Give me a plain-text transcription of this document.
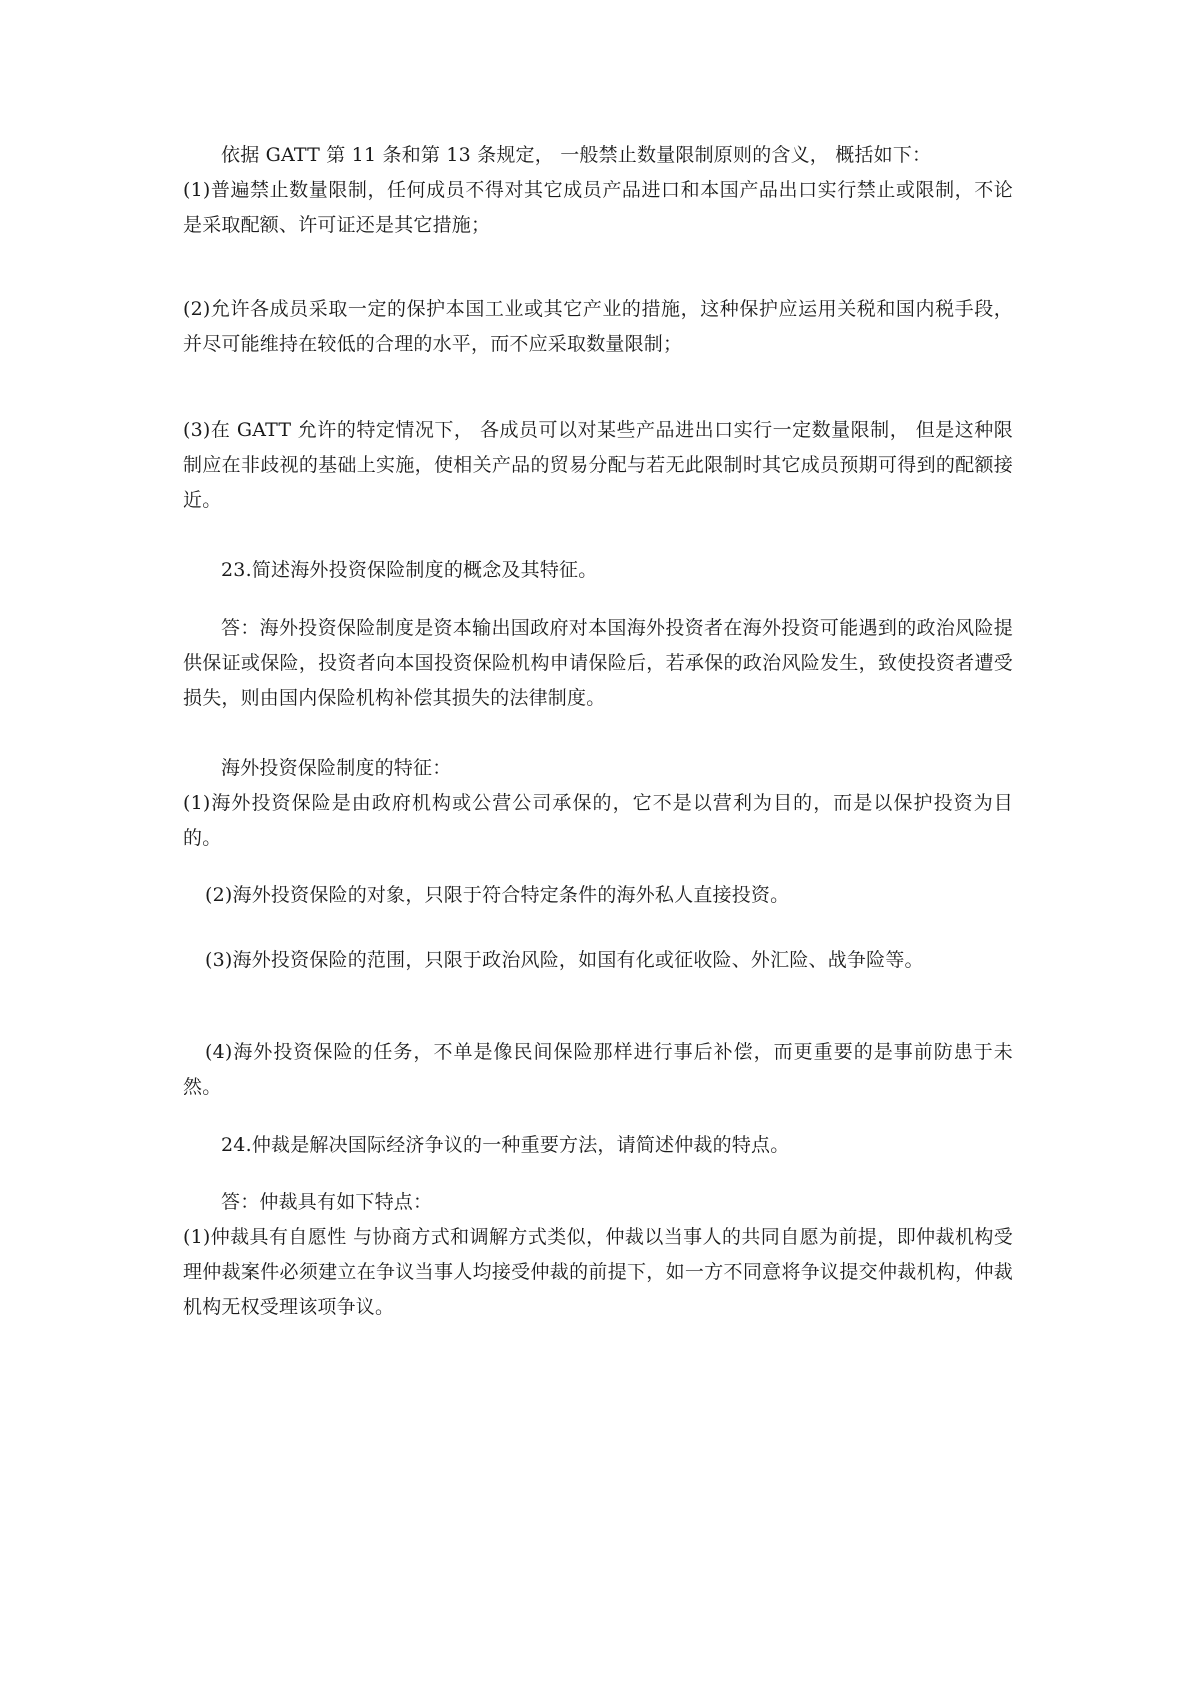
依据 GATT 第 11 条和第 13 条规定， 一般禁止数量限制原则的含义， 概括如下：

(1)普遍禁止数量限制，任何成员不得对其它成员产品进口和本国产品出口实行禁止或限制，不论是采取配额、许可证还是其它措施；

(2)允许各成员采取一定的保护本国工业或其它产业的措施，这种保护应运用关税和国内税手段，并尽可能维持在较低的合理的水平，而不应采取数量限制；

(3)在 GATT 允许的特定情况下， 各成员可以对某些产品进出口实行一定数量限制， 但是这种限制应在非歧视的基础上实施，使相关产品的贸易分配与若无此限制时其它成员预期可得到的配额接近。

23.简述海外投资保险制度的概念及其特征。

答：海外投资保险制度是资本输出国政府对本国海外投资者在海外投资可能遇到的政治风险提供保证或保险，投资者向本国投资保险机构申请保险后，若承保的政治风险发生，致使投资者遭受损失，则由国内保险机构补偿其损失的法律制度。

海外投资保险制度的特征：

(1)海外投资保险是由政府机构或公营公司承保的，它不是以营利为目的，而是以保护投资为目的。

(2)海外投资保险的对象，只限于符合特定条件的海外私人直接投资。

(3)海外投资保险的范围，只限于政治风险，如国有化或征收险、外汇险、战争险等。

(4)海外投资保险的任务，不单是像民间保险那样进行事后补偿，而更重要的是事前防患于未然。

24.仲裁是解决国际经济争议的一种重要方法，请简述仲裁的特点。

答：仲裁具有如下特点：

(1)仲裁具有自愿性 与协商方式和调解方式类似，仲裁以当事人的共同自愿为前提，即仲裁机构受理仲裁案件必须建立在争议当事人均接受仲裁的前提下，如一方不同意将争议提交仲裁机构，仲裁机构无权受理该项争议。
